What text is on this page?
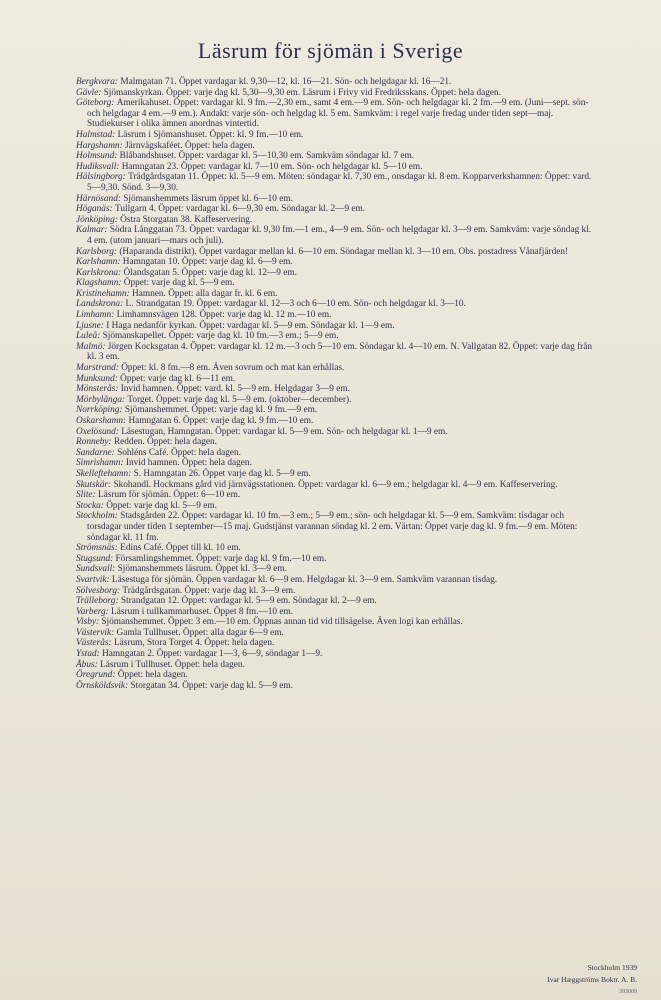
Läsrum för sjömän i Sverige

Bergkvara: Malmgatan 71. Öppet vardagar kl. 9,30—12, kl. 16—21. Sön- och helgdagar kl. 16—21.

Gävle: Sjömanskyrkan. Öppet: varje dag kl. 5,30—9,30 em. Läsrum i Frivy vid Fredriksskans. Öppet: hela dagen.

Göteborg: Amerikahuset. Öppet: vardagar kl. 9 fm.—2,30 em., samt 4 em.—9 em. Sön- och helgdagar kl. 2 fm.—9 em. (Juni—sept. sön- och helgdagar 4 em.—9 em.). Andakt: varje sön- och helgdag kl. 5 em. Samkväm: i regel varje fredag under tiden sept—maj. Studiekurser i olika ämnen anordnas vintertid.

Halmstad: Läsrum i Sjömanshuset. Öppet: kl. 9 fm.—10 em.

Hargshamn: Järnvägskaféet. Öppet: hela dagen.

Holmsund: Blåbandshuset. Öppet: vardagar kl. 5—10,30 em. Samkväm söndagar kl. 7 em.

Hudiksvall: Hamngatan 23. Öppet: vardagar kl. 7—10 em. Sön- och helgdagar kl. 5—10 em.

Hälsingborg: Trädgårdsgatan 11. Öppet: kl. 5—9 em. Möten: söndagar kl. 7,30 em., onsdagar kl. 8 em. Kopparverkshamnen: Öppet: vard. 5—9,30. Sönd. 3—9,30.

Härnösand: Sjömanshemmets läsrum öppet kl. 6—10 em.

Höganäs: Tullgarn 4. Öppet: vardagar kl. 6—9,30 em. Söndagar kl. 2—9 em.

Jönköping: Östra Storgatan 38. Kaffeservering.

Kalmar: Södra Långgatan 73. Öppet: vardagar kl. 9,30 fm.—1 em., 4—9 em. Sön- och helgdagar kl. 3—9 em. Samkväm: varje söndag kl. 4 em. (utom januari—mars och juli).

Karlsborg: (Haparanda distrikt). Öppet vardagar mellan kl. 6—10 em. Söndagar mellan kl. 3—10 em. Obs. postadress Vånafjärden!

Karlshamn: Hamngatan 10. Öppet: varje dag kl. 6—9 em.

Karlskrona: Ölandsgatan 5. Öppet: varje dag kl. 12—9 em.

Klagshamn: Öppet: varje dag kl. 5—9 em.

Kristinehamn: Hamnen. Öppet: alla dagar fr. kl. 6 em.

Landskrona: L. Strandgatan 19. Öppet: vardagar kl. 12—3 och 6—10 em. Sön- och helgdagar kl. 3—10.

Limhamn: Limhamnsvägen 128. Öppet: varje dag kl. 12 m.—10 em.

Ljusne: I Haga nedanför kyrkan. Öppet: vardagar kl. 5—9 em. Söndagar kl. 1—9 em.

Luleå: Sjömanskapellet. Öppet: varje dag kl. 10 fm.—3 em.; 5—9 em.

Malmö: Jörgen Kocksgatan 4. Öppet: vardagar kl. 12 m.—3 och 5—10 em. Söndagar kl. 4—10 em. N. Vallgatan 82. Öppet: varje dag från kl. 3 em.

Marstrand: Öppet: kl. 8 fm.—8 em. Även sovrum och mat kan erhållas.

Munksund: Öppet: varje dag kl. 6—11 em.

Mönsterås: Invid hamnen. Öppet: vard. kl. 5—9 em. Helgdagar 3—9 em.

Mörbylånga: Torget. Öppet: varje dag kl. 5—9 em. (oktober—december).

Norrköping: Sjömanshemmet. Öppet: varje dag kl. 9 fm.—9 em.

Oskarshamn: Hamngatan 6. Öppet: varje dag kl. 9 fm.—10 em.

Oxelösund: Läsestugan, Hamngatan. Öppet: vardagar kl. 5—9 em. Sön- och helgdagar kl. 1—9 em.

Ronneby: Redden. Öppet: hela dagen.

Sandarne: Sohléns Café. Öppet: hela dagen.

Simrishamn: Invid hamnen. Öppet: hela dagen.

Skelleftehamn: S. Hamngatan 26. Öppet varje dag kl. 5—9 em.

Skutskär: Skohandl. Hockmans gård vid järnvägsstationen. Öppet: vardagar kl. 6—9 em.; helgdagar kl. 4—9 em. Kaffeservering.

Slite: Läsrum för sjömän. Öppet: 6—10 em.

Stocka: Öppet: varje dag kl. 5—9 em.

Stockholm: Stadsgården 22. Öppet: vardagar kl. 10 fm.—3 em.; 5—9 em.; sön- och helgdagar kl. 5—9 em. Samkväm: tisdagar och torsdagar under tiden 1 september—15 maj. Gudstjänst varannan söndag kl. 2 em. Värtan: Öppet varje dag kl. 9 fm.—9 em. Möten: söndagar kl. 11 fm.

Strömsnäs: Edins Café. Öppet till kl. 10 em.

Stugsund: Församlingshemmet. Öppet: varje dag kl. 9 fm.—10 em.

Sundsvall: Sjömanshemmets läsrum. Öppet kl. 3—9 em.

Svartvik: Läsestuga för sjömän. Öppen vardagar kl. 6—9 em. Helgdagar kl. 3—9 em. Samkväm varannan tisdag.

Sölvesborg: Trädgårdsgatan. Öppet: varje dag kl. 3—9 em.

Trälleborg: Strandgatan 12. Öppet: vardagar kl. 5—9 em. Söndagar kl. 2—9 em.

Varberg: Läsrum i tullkammarhuset. Öppet 8 fm.—10 em.

Visby: Sjömanshemmet. Öppet: 3 em.—10 em. Öppnas annan tid vid tillsägelse. Även logi kan erhållas.

Västervik: Gamla Tullhuset. Öppet: alla dagar 6—9 em.

Västerås: Läsrum, Stora Torget 4. Öppet: hela dagen.

Ystad: Hamngatan 2. Öppet: vardagar 1—3, 6—9, söndagar 1—9.

Åbus: Läsrum i Tullhuset. Öppet: hela dagen.

Öregrund: Öppet: hela dagen.

Örnsköldsvik: Storgatan 34. Öppet: varje dag kl. 5—9 em.

Stockholm 1939
Ivar Hæggströms Boktr. A. B.
393009
